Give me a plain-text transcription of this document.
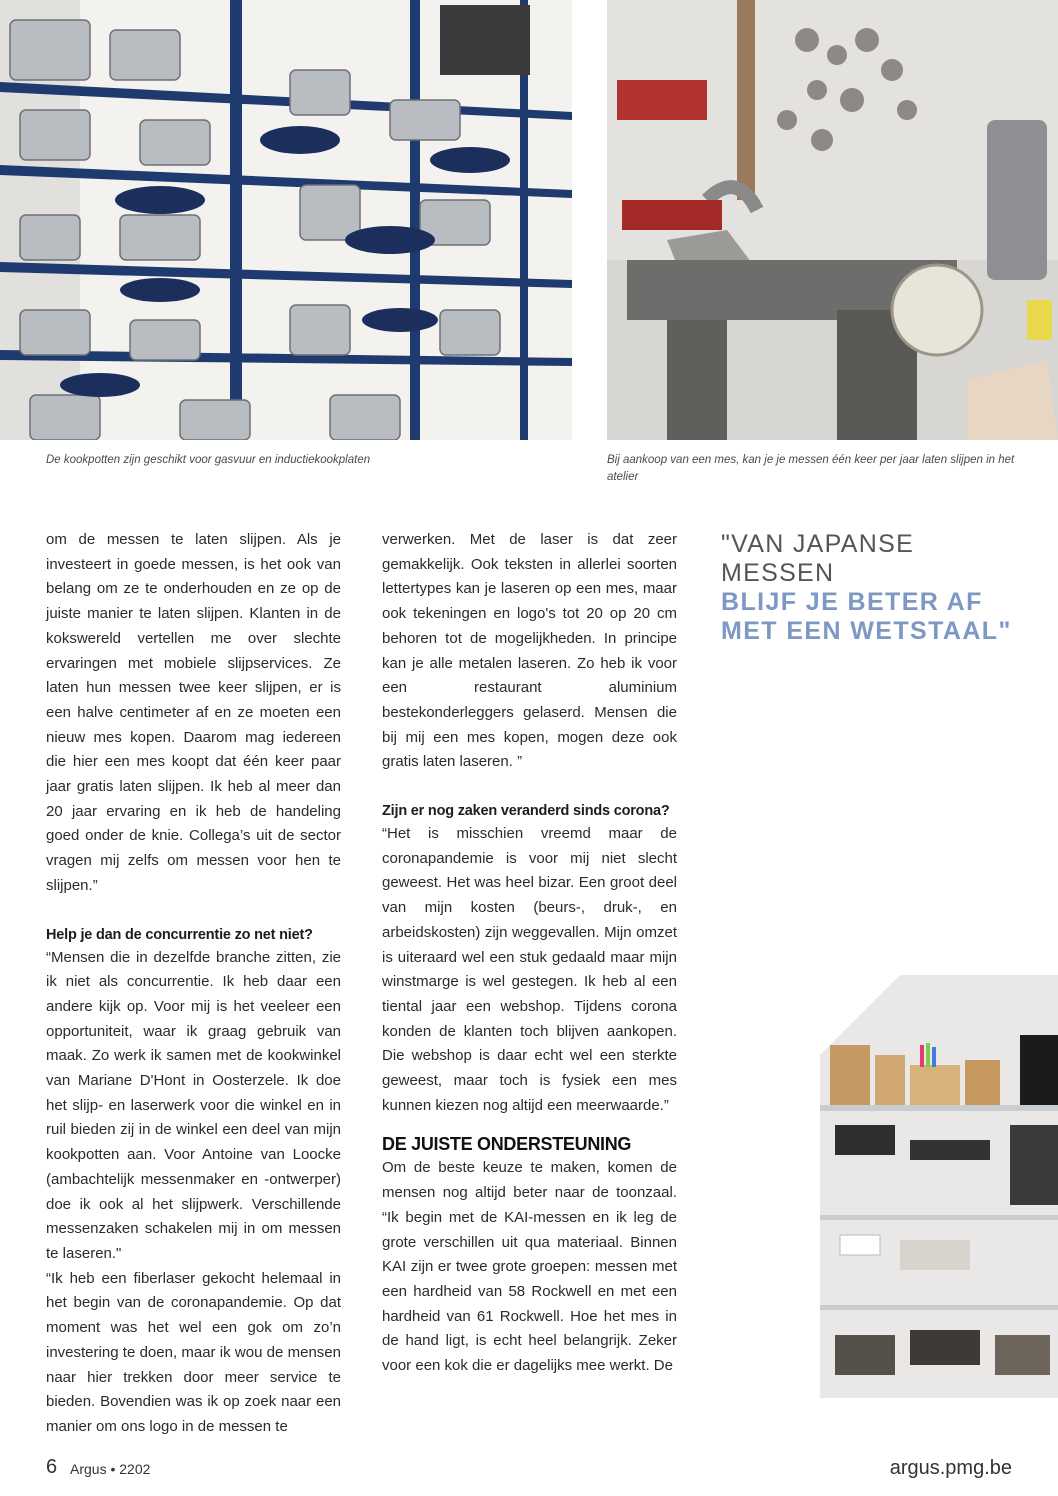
De kookpotten zijn geschikt voor gasvuur en inductiekookplaten	Bij aankoop van een mes, kan je je messen één keer per jaar laten slijpen in het atelier

om de messen te laten slijpen. Als je investeert in goede messen, is het ook van belang om ze te onderhouden en ze op de juiste manier te laten slijpen. Klanten in de kokswereld vertellen me over slechte ervaringen met mobiele slijpservices. Ze laten hun messen twee keer slijpen, er is een halve centimeter af en ze moeten een nieuw mes kopen. Daarom mag iedereen die hier een mes koopt dat één keer paar jaar gratis laten slijpen. Ik heb al meer dan 20 jaar ervaring en ik heb de handeling goed onder de knie. Collega’s uit de sector vragen mij zelfs om messen voor hen te slijpen.”

Help je dan de concurrentie zo net niet?

“Mensen die in dezelfde branche zitten, zie ik niet als concurrentie. Ik heb daar een andere kijk op. Voor mij is het veeleer een opportuniteit, waar ik graag gebruik van maak. Zo werk ik samen met de kookwinkel van Mariane D'Hont in Oosterzele. Ik doe het slijp- en laserwerk voor die winkel en in ruil bieden zij in de winkel een deel van mijn kookpotten aan. Voor Antoine van Loocke (ambachtelijk messenmaker en -ontwerper) doe ik ook al het slijpwerk. Verschillende messenzaken schakelen mij in om messen te laseren."

“Ik heb een fiberlaser gekocht helemaal in het begin van de coronapandemie. Op dat moment was het wel een gok om zo’n investering te doen, maar ik wou de mensen naar hier trekken door meer service te bieden. Bovendien was ik op zoek naar een manier om ons logo in de messen te

verwerken. Met de laser is dat zeer gemakkelijk. Ook teksten in allerlei soorten lettertypes kan je laseren op een mes, maar ook tekeningen en logo's tot 20 op 20 cm behoren tot de mogelijkheden. In principe kan je alle metalen laseren. Zo heb ik voor een restaurant aluminium bestekonderleggers gelaserd. Mensen die bij mij een mes kopen, mogen deze ook gratis laten laseren. ”

Zijn er nog zaken veranderd sinds corona?

“Het is misschien vreemd maar de coronapandemie is voor mij niet slecht geweest. Het was heel bizar. Een groot deel van mijn kosten (beurs-, druk-, en arbeidskosten) zijn weggevallen. Mijn omzet is uiteraard wel een stuk gedaald maar mijn winstmarge is wel gestegen. Ik heb al een tiental jaar een webshop. Tijdens corona konden de klanten toch blijven aankopen. Die webshop is daar echt wel een sterkte geweest, maar toch is fysiek een mes kunnen kiezen nog altijd een meerwaarde.”

DE JUISTE ONDERSTEUNING

Om de beste keuze te maken, komen de mensen nog altijd beter naar de toonzaal. “Ik begin met de KAI-messen en ik leg de grote verschillen uit qua materiaal. Binnen KAI zijn er twee grote groepen: messen met een hardheid van 58 Rockwell en met een hardheid van 61 Rockwell. Hoe het mes in de hand ligt, is echt heel belangrijk. Zeker voor een kok die er dagelijks mee werkt. De

"VAN JAPANSE

MESSEN

BLIJF JE BETER AF

MET EEN WETSTAAL"

6 Argus • 2202	argus.pmg.be
